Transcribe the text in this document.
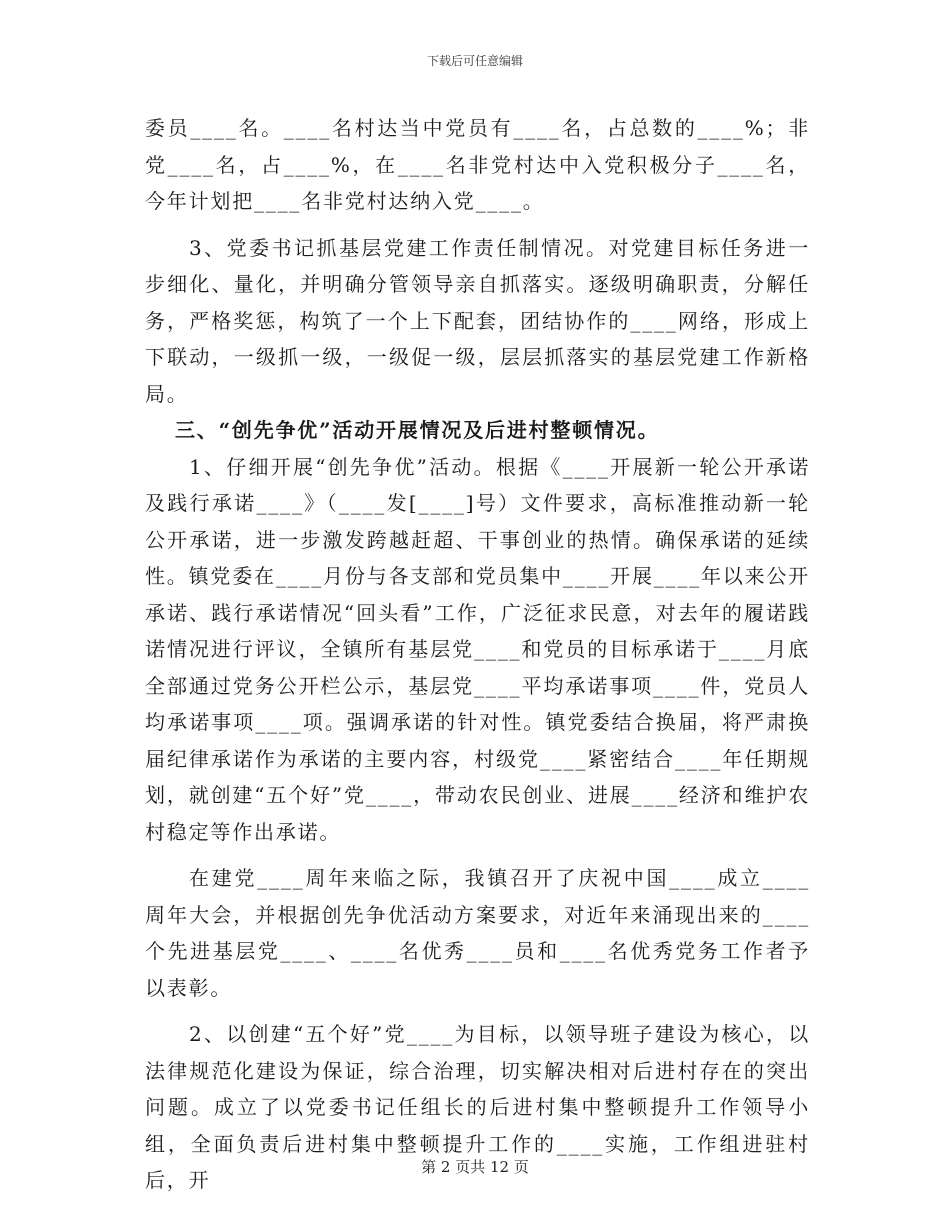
下载后可任意编辑

委员____名。____名村达当中党员有____名，占总数的____%；非党____名，占____%，在____名非党村达中入党积极分子____名，今年计划把____名非党村达纳入党____。

3、党委书记抓基层党建工作责任制情况。对党建目标任务进一步细化、量化，并明确分管领导亲自抓落实。逐级明确职责，分解任务，严格奖惩，构筑了一个上下配套，团结协作的____网络，形成上下联动，一级抓一级，一级促一级，层层抓落实的基层党建工作新格局。

三、“创先争优”活动开展情况及后进村整顿情况。

1、仔细开展“创先争优”活动。根据《____开展新一轮公开承诺及践行承诺____》（____发[____]号）文件要求，高标准推动新一轮公开承诺，进一步激发跨越赶超、干事创业的热情。确保承诺的延续性。镇党委在____月份与各支部和党员集中____开展____年以来公开承诺、践行承诺情况“回头看”工作，广泛征求民意，对去年的履诺践诺情况进行评议，全镇所有基层党____和党员的目标承诺于____月底全部通过党务公开栏公示，基层党____平均承诺事项____件，党员人均承诺事项____项。强调承诺的针对性。镇党委结合换届，将严肃换届纪律承诺作为承诺的主要内容，村级党____紧密结合____年任期规划，就创建“五个好”党____，带动农民创业、进展____经济和维护农村稳定等作出承诺。

在建党____周年来临之际，我镇召开了庆祝中国____成立____周年大会，并根据创先争优活动方案要求，对近年来涌现出来的____个先进基层党____、____名优秀____员和____名优秀党务工作者予以表彰。

2、以创建“五个好”党____为目标，以领导班子建设为核心，以法律规范化建设为保证，综合治理，切实解决相对后进村存在的突出问题。成立了以党委书记任组长的后进村集中整顿提升工作领导小组，全面负责后进村集中整顿提升工作的____实施，工作组进驻村后，开

第 2 页共 12 页
